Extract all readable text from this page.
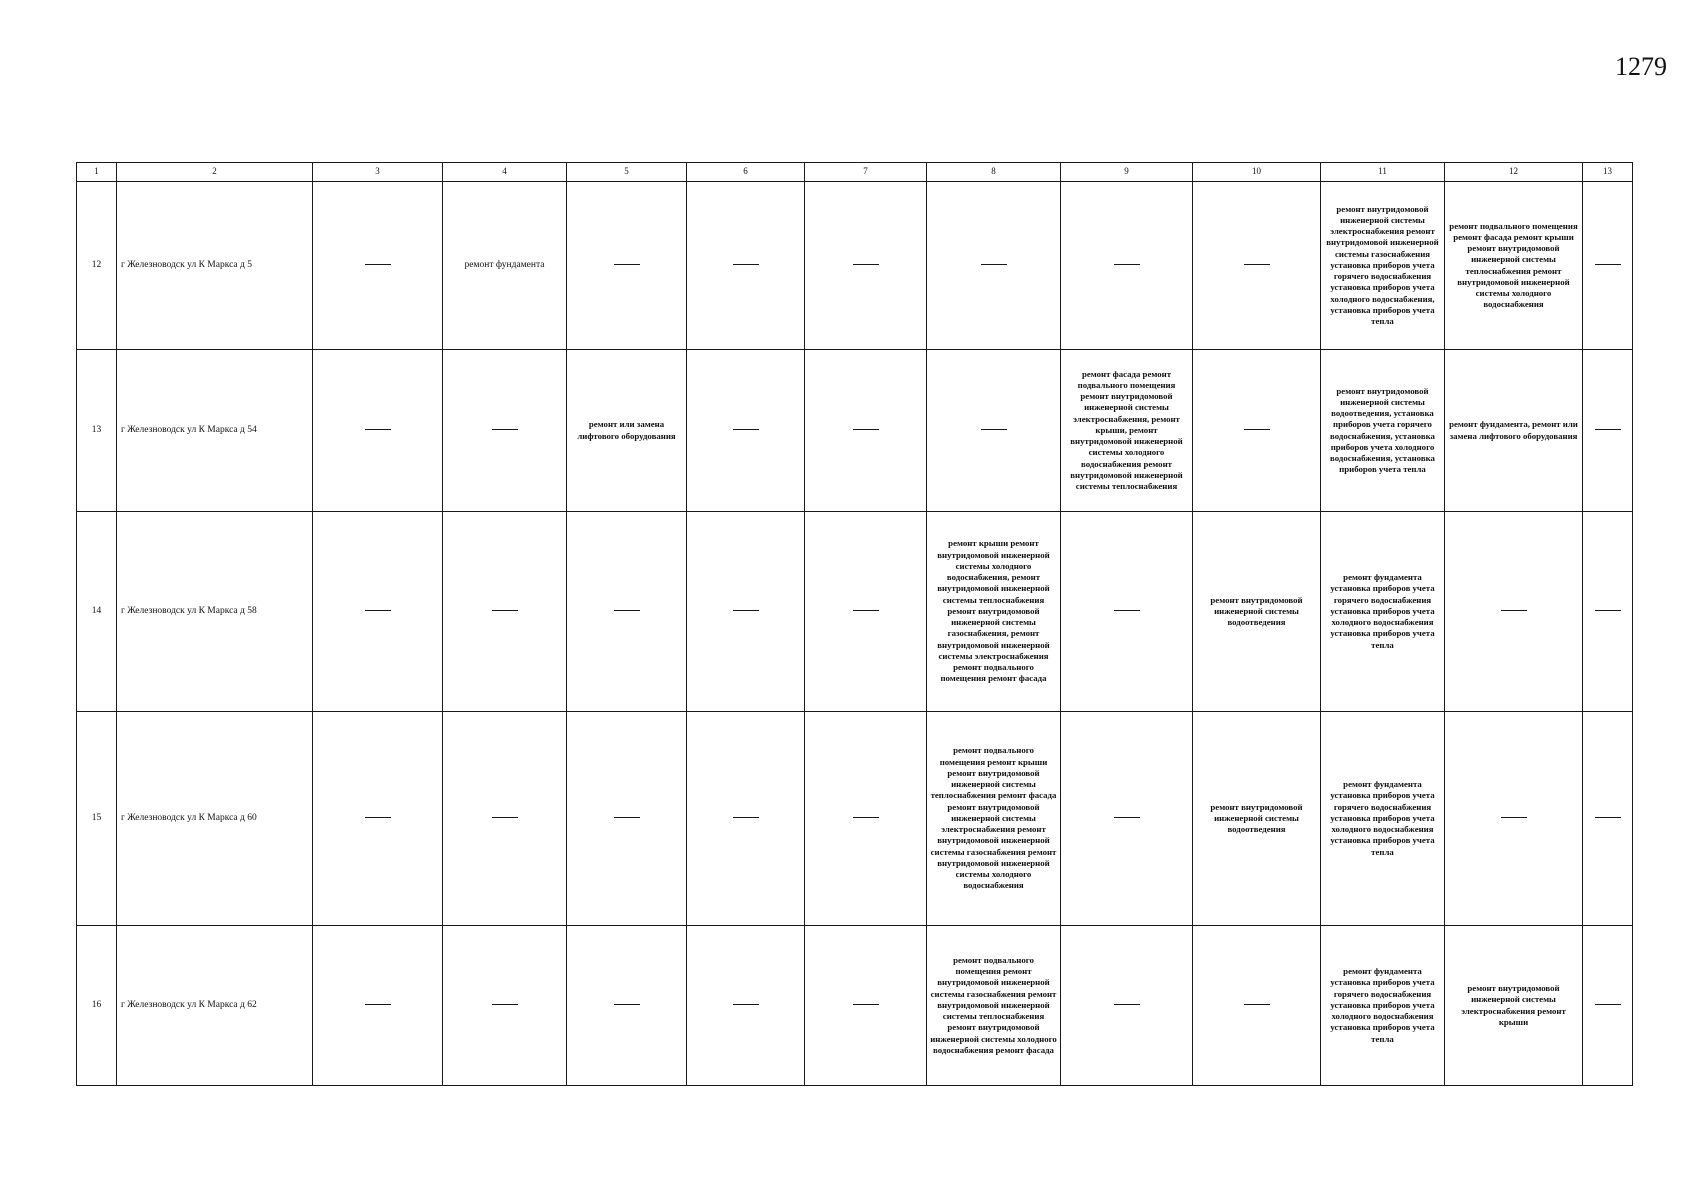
1279
1	2	3	4	5	6	7	8	9	10	11	12	13
12	г Железноводск ул К Маркса д 5		ремонт фундамента							ремонт внутридомовой инженерной системы электроснабжения ремонт внутридомовой инженерной системы газоснабжения установка приборов учета горячего водоснабжения установка приборов учета холодного водоснабжения, установка приборов учета тепла	ремонт подвального помещения ремонт фасада ремонт крыши ремонт внутридомовой инженерной системы теплоснабжения ремонт внутридомовой инженерной системы холодного водоснабжения	
13	г Железноводск ул К Маркса д 54			ремонт или замена лифтового оборудования				ремонт фасада ремонт подвального помещения ремонт внутридомовой инженерной системы электроснабжения, ремонт крыши, ремонт внутридомовой инженерной системы холодного водоснабжения ремонт внутридомовой инженерной системы теплоснабжения		ремонт внутридомовой инженерной системы водоотведения, установка приборов учета горячего водоснабжения, установка приборов учета холодного водоснабжения, установка приборов учета тепла	ремонт фундамента, ремонт или замена лифтового оборудования	
14	г Железноводск ул К Маркса д 58						ремонт крыши ремонт внутридомовой инженерной системы холодного водоснабжения, ремонт внутридомовой инженерной системы теплоснабжения ремонт внутридомовой инженерной системы газоснабжения, ремонт внутридомовой инженерной системы электроснабжения ремонт подвального помещения ремонт фасада		ремонт внутридомовой инженерной системы водоотведения	ремонт фундамента установка приборов учета горячего водоснабжения установка приборов учета холодного водоснабжения установка приборов учета тепла		
15	г Железноводск ул К Маркса д 60						ремонт подвального помещения ремонт крыши ремонт внутридомовой инженерной системы теплоснабжения ремонт фасада ремонт внутридомовой инженерной системы электроснабжения ремонт внутридомовой инженерной системы газоснабжения ремонт внутридомовой инженерной системы холодного водоснабжения		ремонт внутридомовой инженерной системы водоотведения	ремонт фундамента установка приборов учета горячего водоснабжения установка приборов учета холодного водоснабжения установка приборов учета тепла		
16	г Железноводск ул К Маркса д 62						ремонт подвального помещения ремонт внутридомовой инженерной системы газоснабжения ремонт внутридомовой инженерной системы теплоснабжения ремонт внутридомовой инженерной системы холодного водоснабжения ремонт фасада			ремонт фундамента установка приборов учета горячего водоснабжения установка приборов учета холодного водоснабжения установка приборов учета тепла	ремонт внутридомовой инженерной системы электроснабжения ремонт крыши	
